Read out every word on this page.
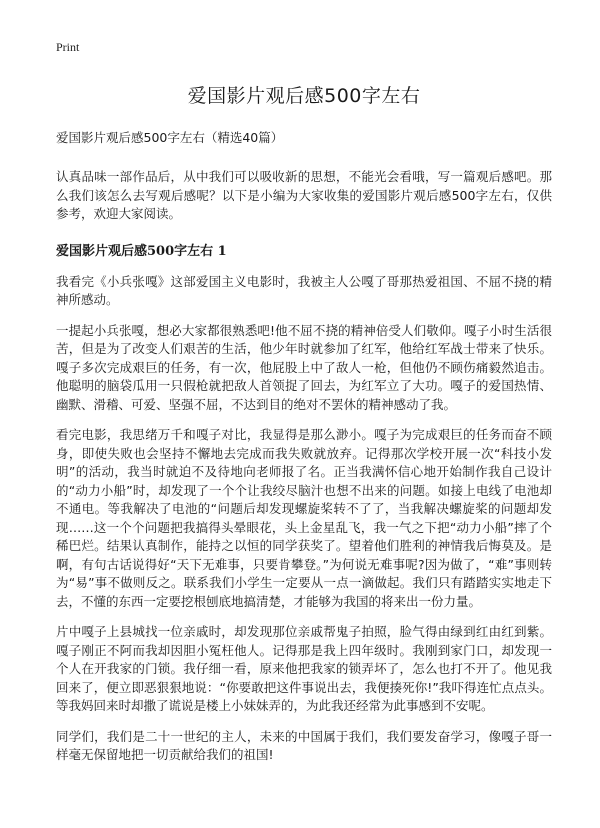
Print
爱国影片观后感500字左右
爱国影片观后感500字左右（精选40篇）

认真品味一部作品后，从中我们可以吸收新的思想，不能光会看哦，写一篇观后感吧。那么我们该怎么去写观后感呢？以下是小编为大家收集的爱国影片观后感500字左右，仅供参考，欢迎大家阅读。

爱国影片观后感500字左右 1

我看完《小兵张嘎》这部爱国主义电影时，我被主人公嘎了哥那热爱祖国、不屈不挠的精神所感动。

一提起小兵张嘎，想必大家都很熟悉吧!他不屈不挠的精神倍受人们敬仰。嘎子小时生活很苦，但是为了改变人们艰苦的生活，他少年时就参加了红军，他给红军战士带来了快乐。嘎子多次完成艰巨的任务，有一次，他屁股上中了敌人一枪，但他仍不顾伤痛毅然追击。他聪明的脑袋瓜用一只假枪就把敌人首领捉了回去，为红军立了大功。嘎子的爱国热情、幽默、滑稽、可爱、坚强不屈，不达到目的绝对不罢休的精神感动了我。

看完电影，我思绪万千和嘎子对比，我显得是那么渺小。嘎子为完成艰巨的任务而奋不顾身，即使失败也会坚持不懈地去完成而我失败就放弃。记得那次学校开展一次“科技小发明”的活动，我当时就迫不及待地向老师报了名。正当我满怀信心地开始制作我自己设计的“动力小船”时，却发现了一个个让我绞尽脑汁也想不出来的问题。如接上电线了电池却不通电。等我解决了电池的“问题后却发现螺旋桨转不了了，当我解决螺旋桨的问题却发现……这一个个问题把我搞得头晕眼花，头上金星乱飞，我一气之下把“动力小船”摔了个稀巴烂。结果认真制作，能持之以恒的同学获奖了。望着他们胜利的神情我后悔莫及。是啊，有句古话说得好“天下无难事，只要肯攀登。”为何说无难事呢?因为做了，“难”事则转为“易”事不做则反之。联系我们小学生一定要从一点一滴做起。我们只有踏踏实实地走下去，不懂的东西一定要挖根刨底地搞清楚，才能够为我国的将来出一份力量。

片中嘎子上县城找一位亲戚时，却发现那位亲戚帮鬼子拍照，脸气得由绿到红由红到紫。嘎子刚正不阿而我却因胆小冤枉他人。记得那是我上四年级时。我刚到家门口，却发现一个人在开我家的门锁。我仔细一看，原来他把我家的锁弄坏了，怎么也打不开了。他见我回来了，便立即恶狠狠地说：“你要敢把这件事说出去，我便揍死你!”我吓得连忙点点头。等我妈回来时却撒了谎说是楼上小妹妹弄的，为此我还经常为此事感到不安呢。

同学们，我们是二十一世纪的主人，未来的中国属于我们，我们要发奋学习，像嘎子哥一样毫无保留地把一切贡献给我们的祖国!
